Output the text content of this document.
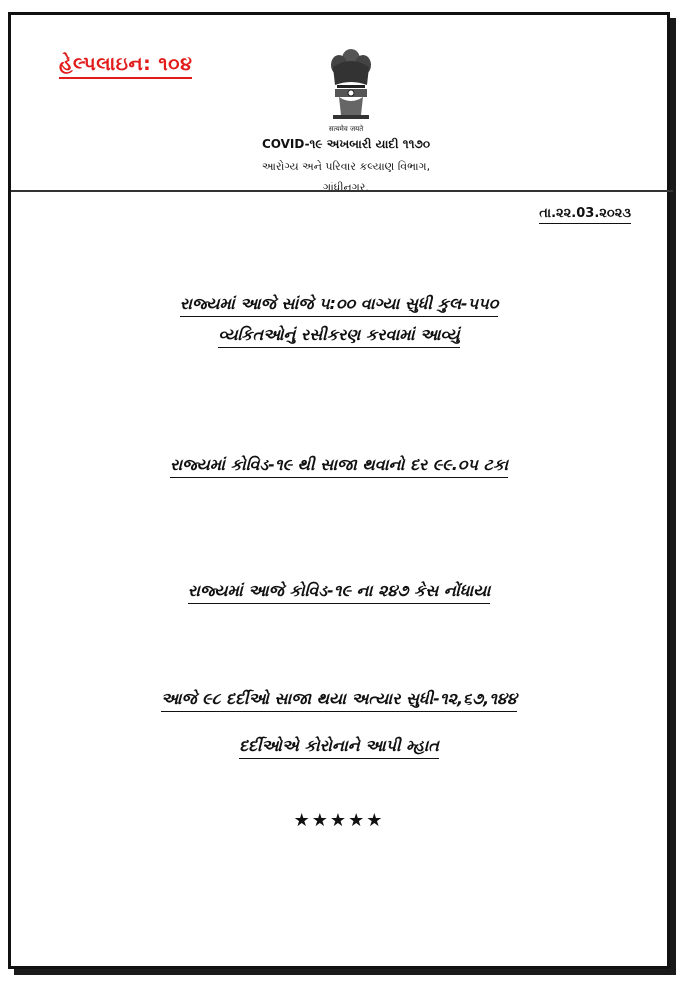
હેલ્પલાઇન: ૧૦૪
सत्यमेव जयते
COVID-૧૯ અખબારી યાદી ૧૧૭૦
આરોગ્ય અને પરિવાર કલ્યાણ વિભાગ,
ગાંધીનગર.
તા.૨૨.03.૨૦૨૩
રાજ્યમાં આજે સાંજે ૫:૦૦ વાગ્યા સુધી કુલ-૫૫૦
વ્યકિતઓનું રસીકરણ કરવામાં આવ્યું
રાજ્યમાં કોવિડ-૧૯ થી સાજા થવાનો દર ૯૯.૦૫ ટકા
રાજ્યમાં આજે કોવિડ-૧૯ ના ૨૪૭ કેસ નોંધાયા
આજે ૯૮ દર્દીઓ સાજા થયા અત્યાર સુધી-૧૨,૬૭,૧૪૪
દર્દીઓએ કોરોનાને આપી મ્હાત
★★★★★
